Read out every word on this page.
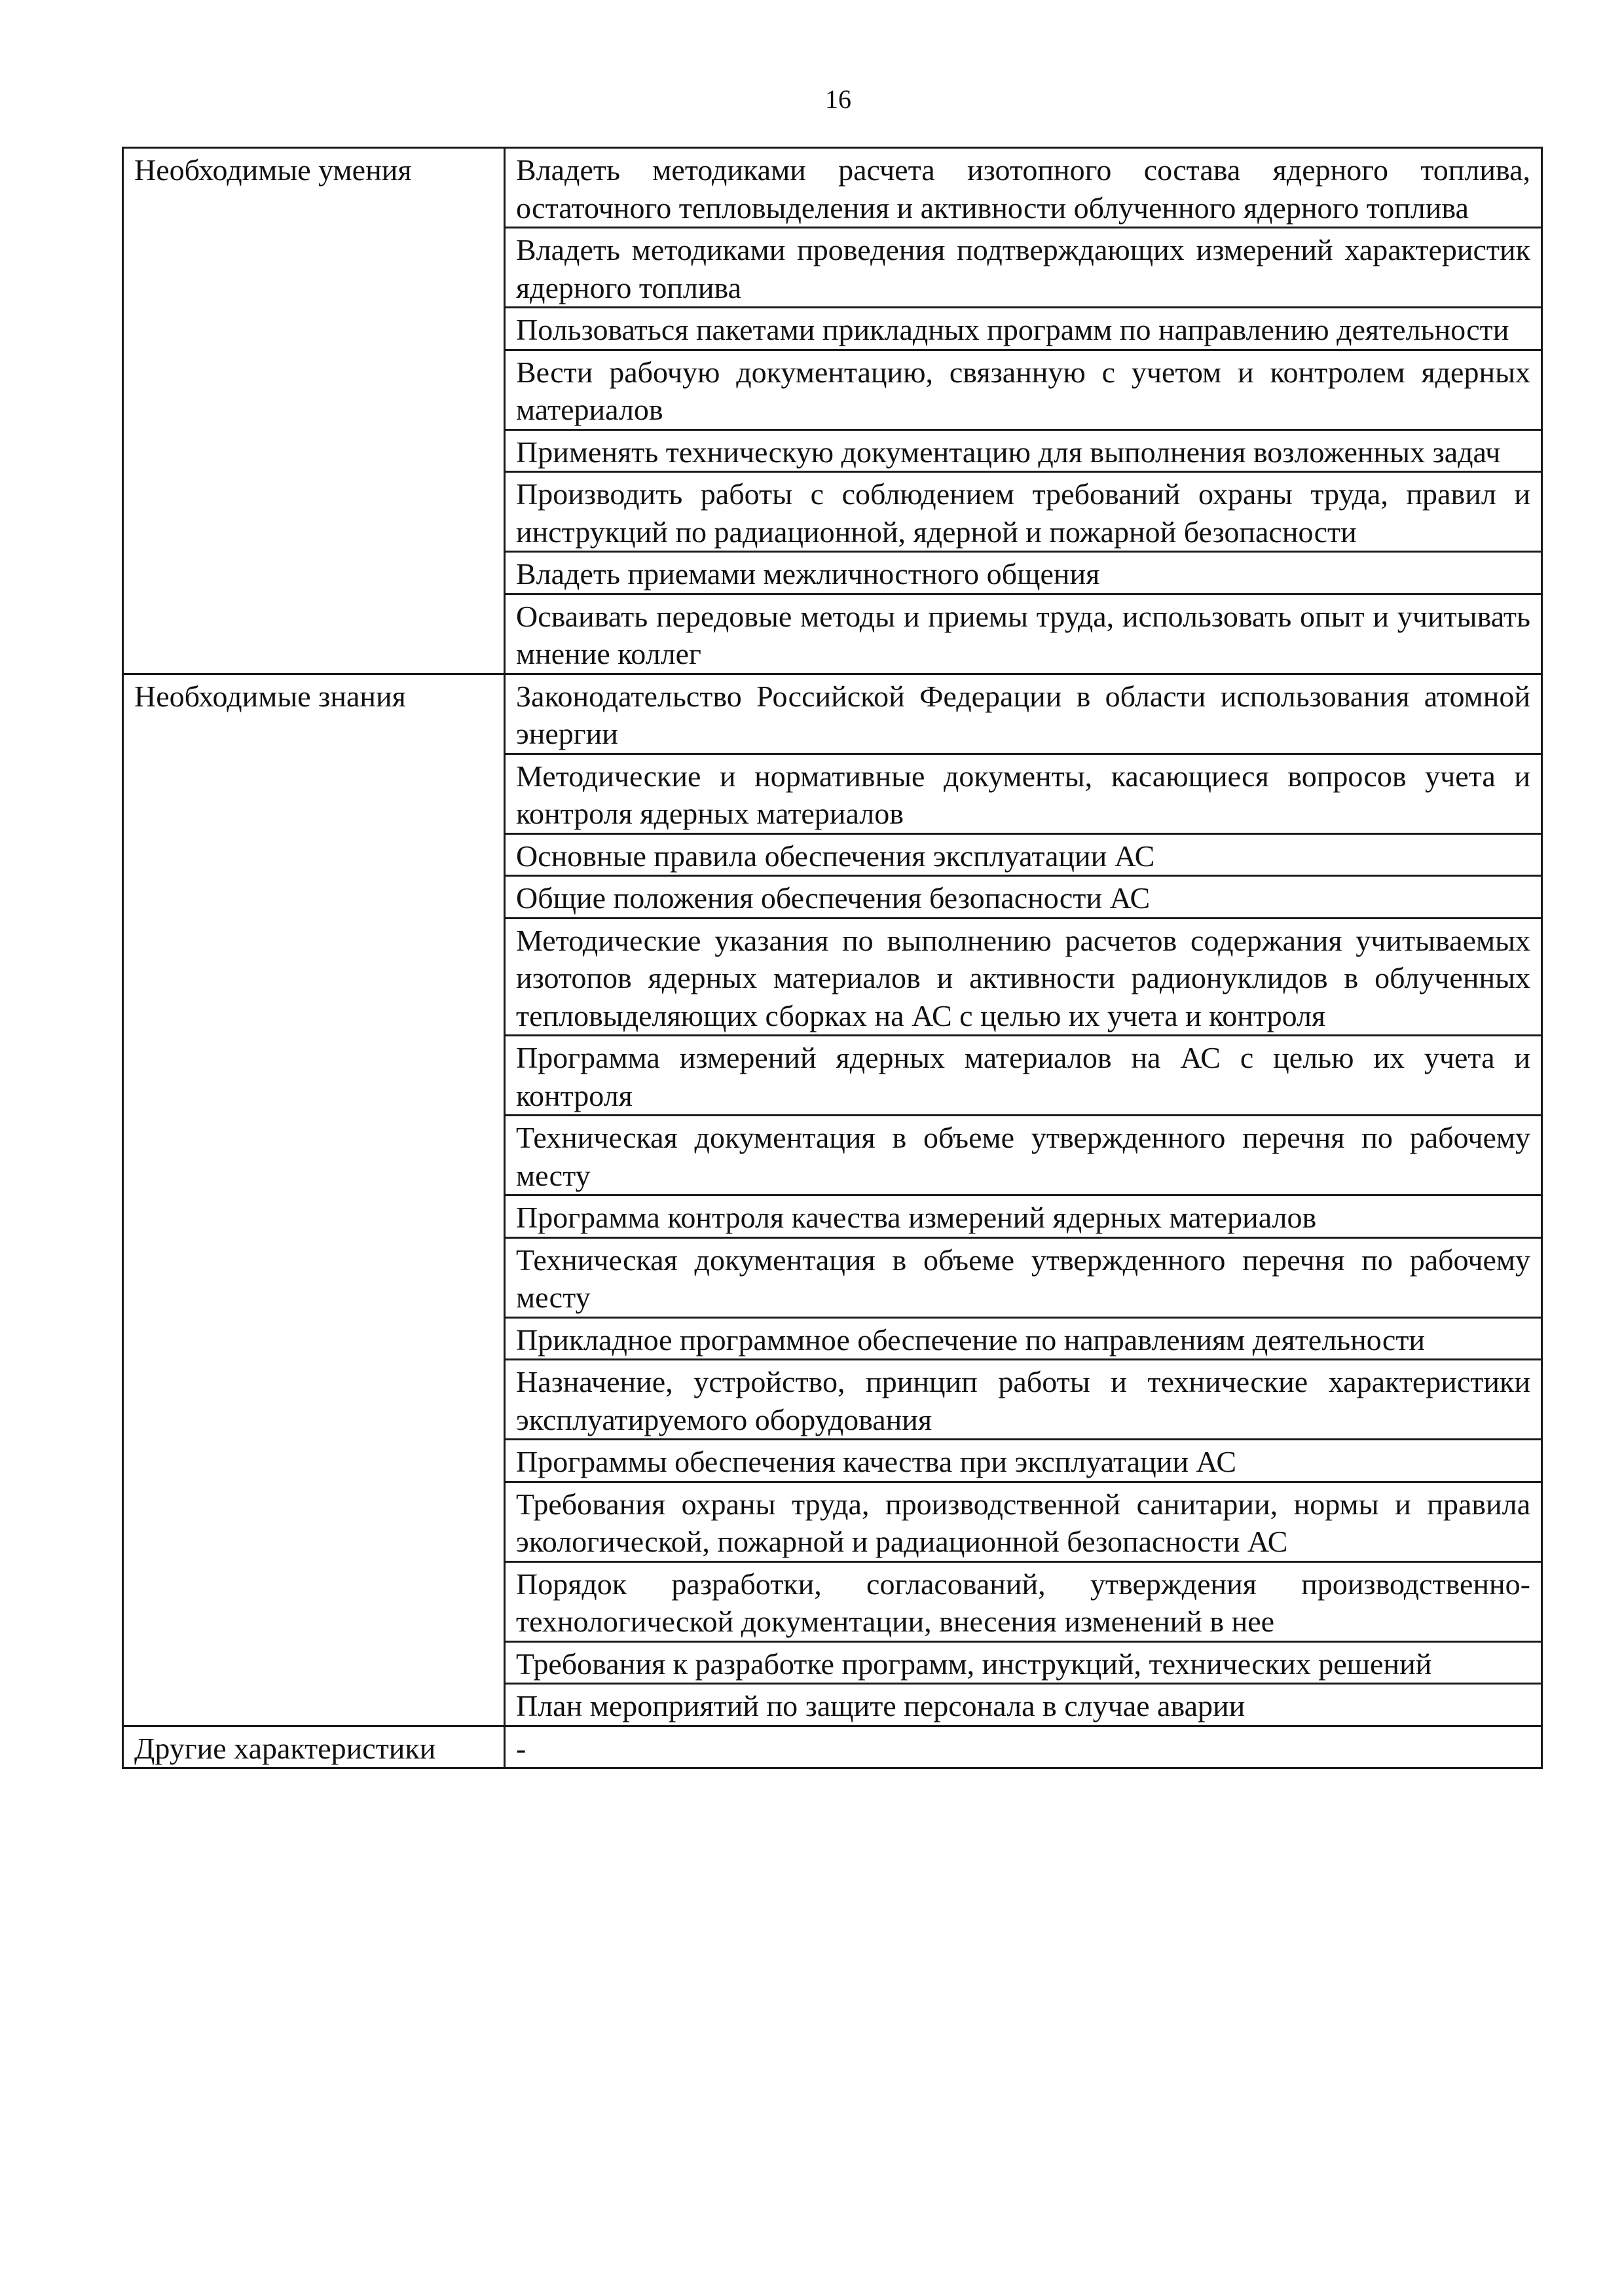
16
Необходимые умения	Владеть методиками расчета изотопного состава ядерного топлива, остаточного тепловыделения и активности облученного ядерного топлива
	Владеть методиками проведения подтверждающих измерений характеристик ядерного топлива
	Пользоваться пакетами прикладных программ по направлению деятельности
	Вести рабочую документацию, связанную с учетом и контролем ядерных материалов
	Применять техническую документацию для выполнения возложенных задач
	Производить работы с соблюдением требований охраны труда, правил и инструкций по радиационной, ядерной и пожарной безопасности
	Владеть приемами межличностного общения
	Осваивать передовые методы и приемы труда, использовать опыт и учитывать мнение коллег
Необходимые знания	Законодательство Российской Федерации в области использования атомной энергии
	Методические и нормативные документы, касающиеся вопросов учета и контроля ядерных материалов
	Основные правила обеспечения эксплуатации АС
	Общие положения обеспечения безопасности АС
	Методические указания по выполнению расчетов содержания учитываемых изотопов ядерных материалов и активности радионуклидов в облученных тепловыделяющих сборках на АС с целью их учета и контроля
	Программа измерений ядерных материалов на АС с целью их учета и контроля
	Техническая документация в объеме утвержденного перечня по рабочему месту
	Программа контроля качества измерений ядерных материалов
	Техническая документация в объеме утвержденного перечня по рабочему месту
	Прикладное программное обеспечение по направлениям деятельности
	Назначение, устройство, принцип работы и технические характеристики эксплуатируемого оборудования
	Программы обеспечения качества при эксплуатации АС
	Требования охраны труда, производственной санитарии, нормы и правила экологической, пожарной и радиационной безопасности АС
	Порядок разработки, согласований, утверждения производственно-технологической документации, внесения изменений в нее
	Требования к разработке программ, инструкций, технических решений
	План мероприятий по защите персонала в случае аварии
Другие характеристики	-
